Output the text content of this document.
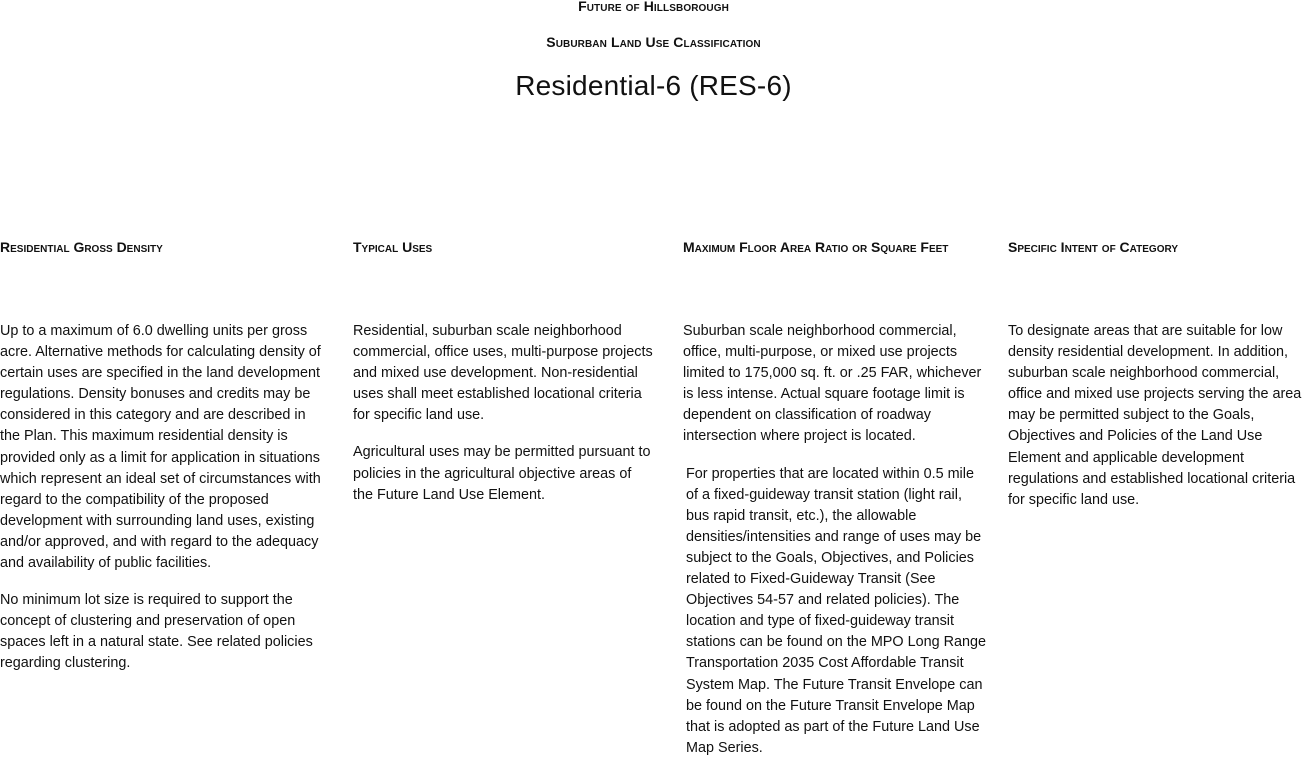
Future of Hillsborough
Suburban Land Use Classification
Residential-6 (RES-6)
Residential Gross Density

Up to a maximum of 6.0 dwelling units per gross acre. Alternative methods for calculating density of certain uses are specified in the land development regulations. Density bonuses and credits may be considered in this category and are described in the Plan. This maximum residential density is provided only as a limit for application in situations which represent an ideal set of circumstances with regard to the compatibility of the proposed development with surrounding land uses, existing and/or approved, and with regard to the adequacy and availability of public facilities.

No minimum lot size is required to support the concept of clustering and preservation of open spaces left in a natural state. See related policies regarding clustering.

Typical Uses

Residential, suburban scale neighborhood commercial, office uses, multi-purpose projects and mixed use development. Non-residential uses shall meet established locational criteria for specific land use.

Agricultural uses may be permitted pursuant to policies in the agricultural objective areas of the Future Land Use Element.

Maximum Floor Area Ratio or Square Feet

Suburban scale neighborhood commercial, office, multi-purpose, or mixed use projects limited to 175,000 sq. ft. or .25 FAR, whichever is less intense. Actual square footage limit is dependent on classification of roadway intersection where project is located.

For properties that are located within 0.5 mile of a fixed-guideway transit station (light rail, bus rapid transit, etc.), the allowable densities/intensities and range of uses may be subject to the Goals, Objectives, and Policies related to Fixed-Guideway Transit (See Objectives 54-57 and related policies). The location and type of fixed-guideway transit stations can be found on the MPO Long Range Transportation 2035 Cost Affordable Transit System Map. The Future Transit Envelope can be found on the Future Transit Envelope Map that is adopted as part of the Future Land Use Map Series.

Specific Intent of Category

To designate areas that are suitable for low density residential development. In addition, suburban scale neighborhood commercial, office and mixed use projects serving the area may be permitted subject to the Goals, Objectives and Policies of the Land Use Element and applicable development regulations and established locational criteria for specific land use.
